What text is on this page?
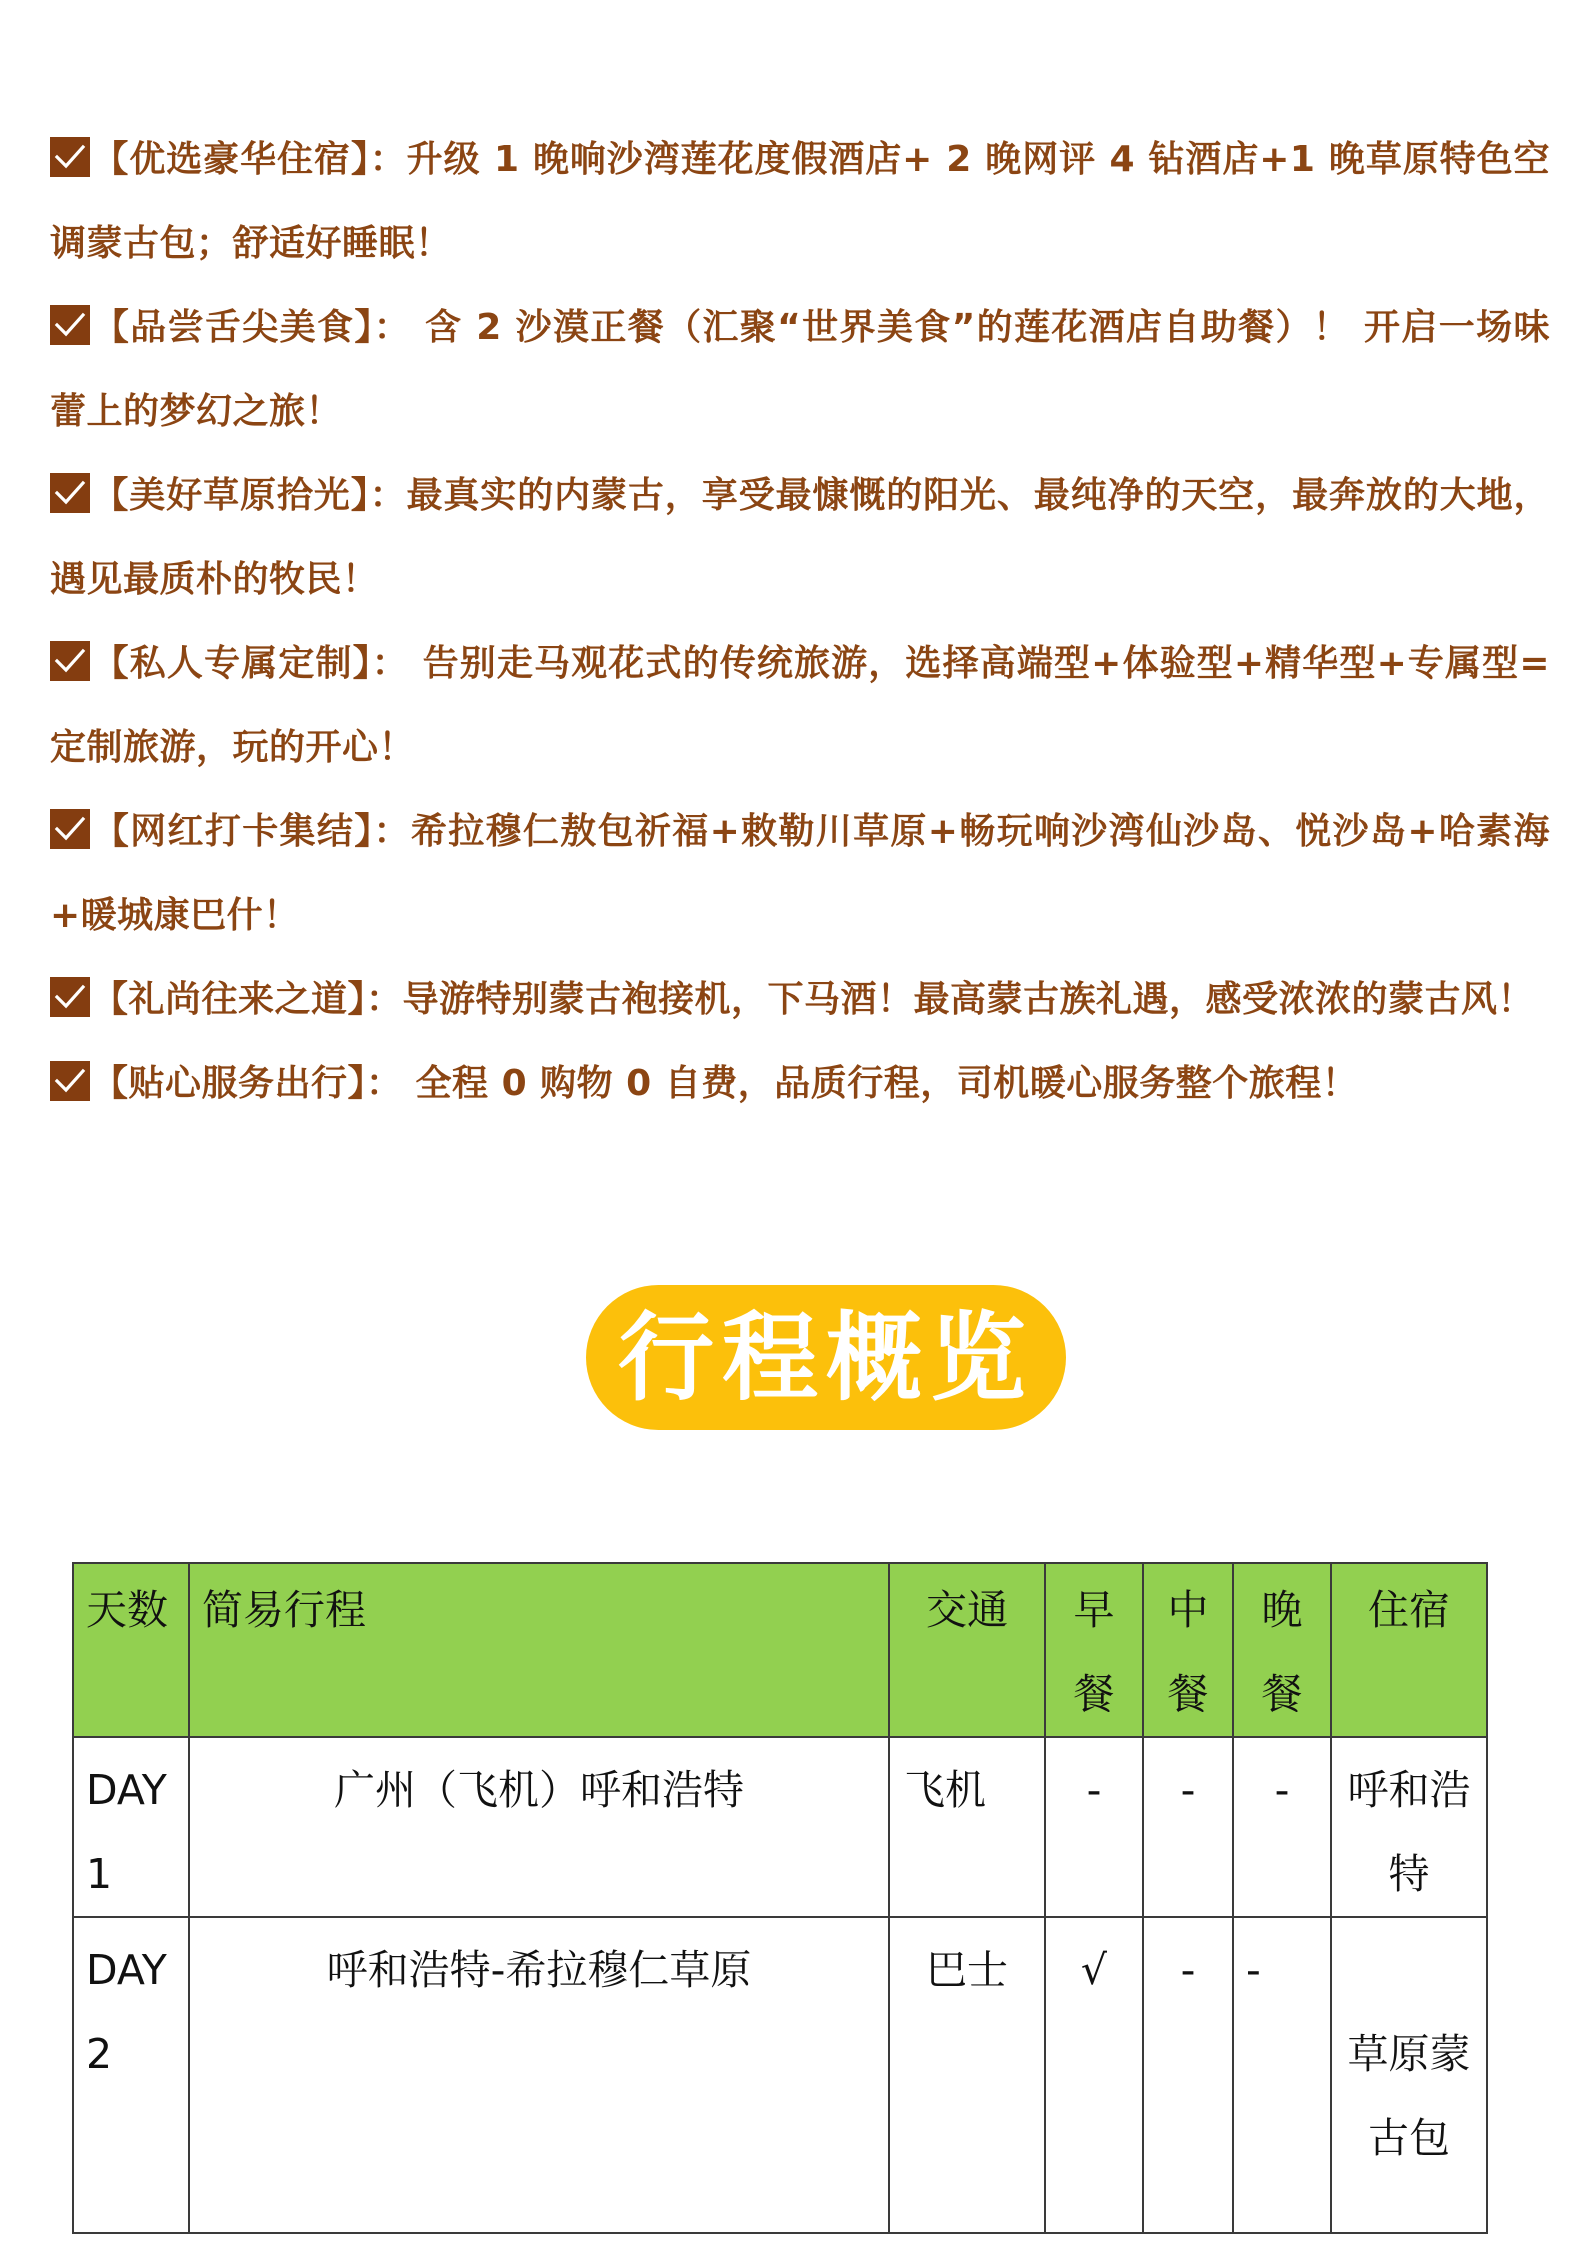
【优选豪华住宿】：升级 1 晚响沙湾莲花度假酒店+ 2 晚网评 4 钻酒店+1 晚草原特色空调蒙古包；舒适好睡眠！
【品尝舌尖美食】： 含 2 沙漠正餐（汇聚“世界美食”的莲花酒店自助餐）！ 开启一场味蕾上的梦幻之旅！
【美好草原拾光】：最真实的内蒙古，享受最慷慨的阳光、最纯净的天空，最奔放的大地，遇见最质朴的牧民！
【私人专属定制】： 告别走马观花式的传统旅游，选择高端型+体验型+精华型+专属型=定制旅游，玩的开心！
【网红打卡集结】：希拉穆仁敖包祈福+敕勒川草原+畅玩响沙湾仙沙岛、悦沙岛+哈素海+暖城康巴什！
【礼尚往来之道】：导游特别蒙古袍接机，下马酒！最高蒙古族礼遇，感受浓浓的蒙古风！
【贴心服务出行】： 全程 0 购物 0 自费，品质行程，司机暖心服务整个旅程！
行程概览
天数	简易行程	交通	早餐	中餐	晚餐	住宿
DAY1	广州（飞机）呼和浩特	飞机	-	-	-	呼和浩特
DAY2	呼和浩特-希拉穆仁草原	巴士	√	-	-	草原蒙古包
